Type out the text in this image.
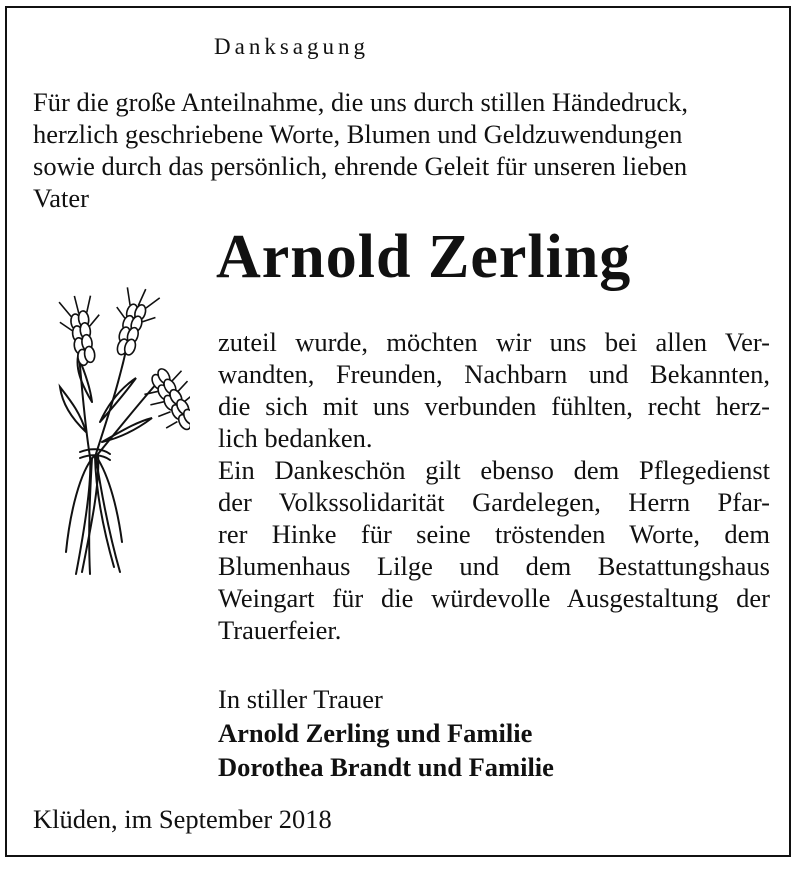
Danksagung
Für die große Anteilnahme, die uns durch stillen Händedruck,
herzlich geschriebene Worte, Blumen und Geldzuwendungen
sowie durch das persönlich, ehrende Geleit für unseren lieben
Vater
Arnold Zerling
zuteil wurde, möchten wir uns bei allen Ver-
wandten, Freunden, Nachbarn und Bekannten,
die sich mit uns verbunden fühlten, recht herz-
lich bedanken.
Ein Dankeschön gilt ebenso dem Pflegedienst
der Volkssolidarität Gardelegen, Herrn Pfar-
rer Hinke für seine tröstenden Worte, dem
Blumenhaus Lilge und dem Bestattungshaus
Weingart für die würdevolle Ausgestaltung der
Trauerfeier.
In stiller Trauer
Arnold Zerling und Familie
Dorothea Brandt und Familie
Klüden, im September 2018
